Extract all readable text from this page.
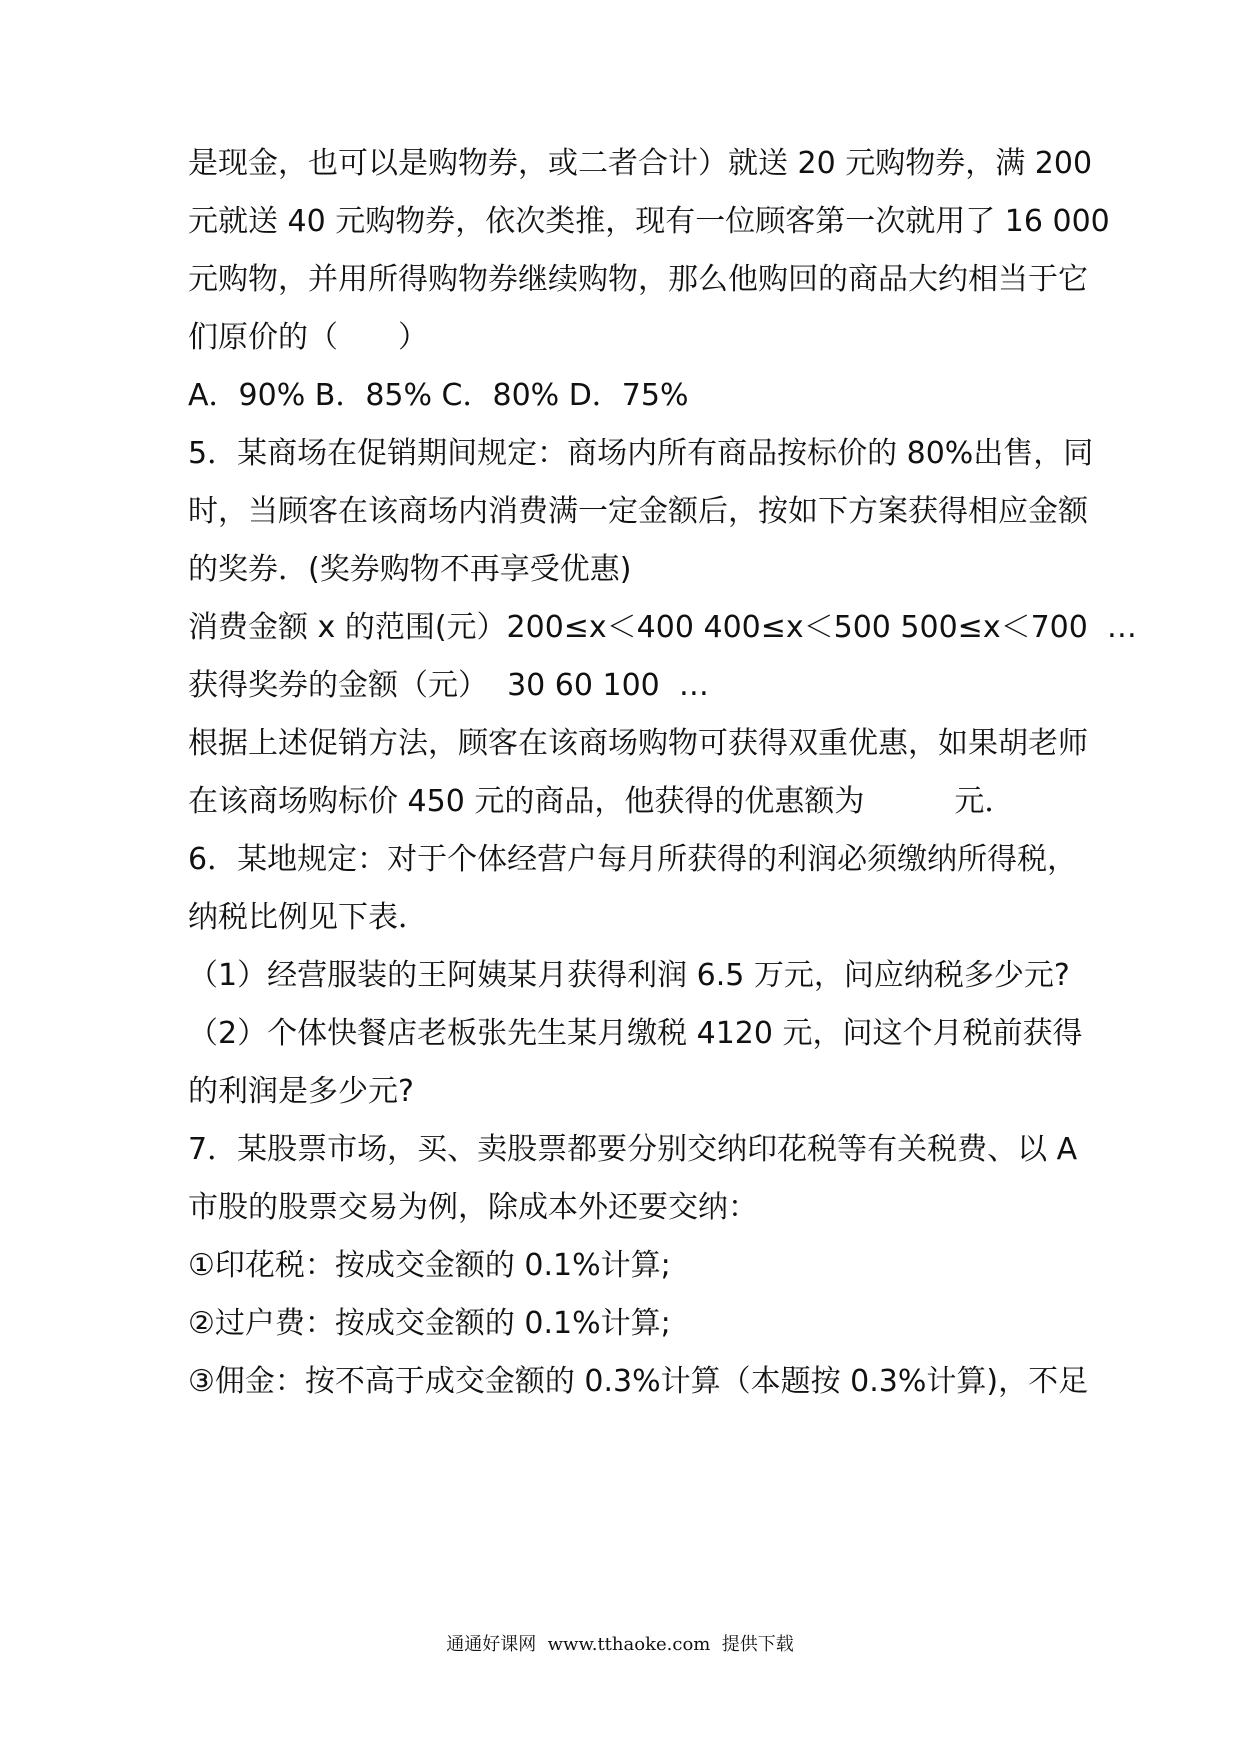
是现金，也可以是购物券，或二者合计）就送 20 元购物券，满 200
元就送 40 元购物券，依次类推，现有一位顾客第一次就用了 16 000
元购物，并用所得购物券继续购物，那么他购回的商品大约相当于它
们原价的（　　）
A．90% B．85% C．80% D．75%
5．某商场在促销期间规定：商场内所有商品按标价的 80%出售，同
时，当顾客在该商场内消费满一定金额后，按如下方案获得相应金额
的奖券．(奖券购物不再享受优惠)
消费金额 x 的范围(元）200≤x＜400 400≤x＜500 500≤x＜700  …
获得奖券的金额（元）  30 60 100  …
根据上述促销方法，顾客在该商场购物可获得双重优惠，如果胡老师
在该商场购标价 450 元的商品，他获得的优惠额为　　　元．
6．某地规定：对于个体经营户每月所获得的利润必须缴纳所得税，
纳税比例见下表．
（1）经营服装的王阿姨某月获得利润 6.5 万元，问应纳税多少元?
（2）个体快餐店老板张先生某月缴税 4120 元，问这个月税前获得
的利润是多少元?
7．某股票市场，买、卖股票都要分别交纳印花税等有关税费、以 A
市股的股票交易为例，除成本外还要交纳：
①印花税：按成交金额的 0.1%计算;
②过户费：按成交金额的 0.1%计算;
③佣金：按不高于成交金额的 0.3%计算（本题按 0.3%计算)，不足
通通好课网  www.tthaoke.com  提供下载
